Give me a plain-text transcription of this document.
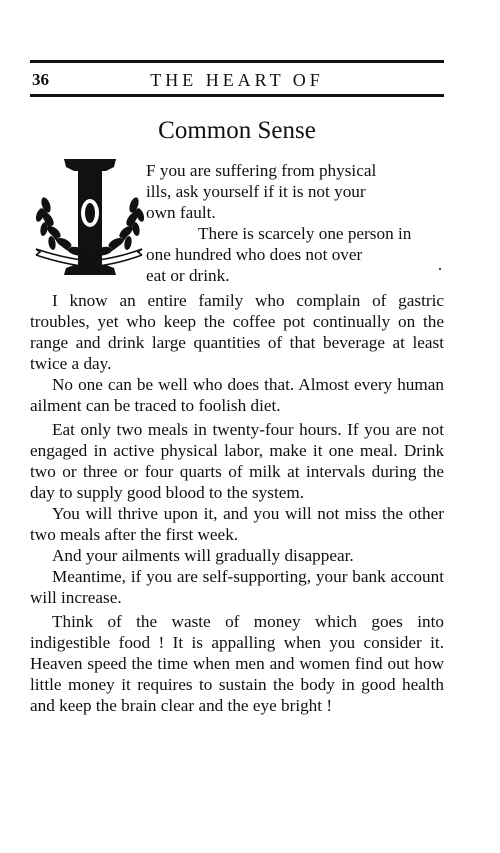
36	THE HEART OF
Common Sense

F you are suffering from physical

ills, ask yourself if it is not your

own fault.

There is scarcely one person in

one hundred who does not over

eat or drink.

I know an entire family who complain of gastric troubles, yet who keep the coffee pot continually on the range and drink large quantities of that beverage at least twice a day.

No one can be well who does that. Almost every human ailment can be traced to foolish diet.

Eat only two meals in twenty-four hours. If you are not engaged in active physical labor, make it one meal. Drink two or three or four quarts of milk at intervals during the day to supply good blood to the system.

You will thrive upon it, and you will not miss the other two meals after the first week.

And your ailments will gradually disappear.

Meantime, if you are self-supporting, your bank account will increase.

Think of the waste of money which goes into indigestible food ! It is appalling when you consider it. Heaven speed the time when men and women find out how little money it requires to sustain the body in good health and keep the brain clear and the eye bright !
